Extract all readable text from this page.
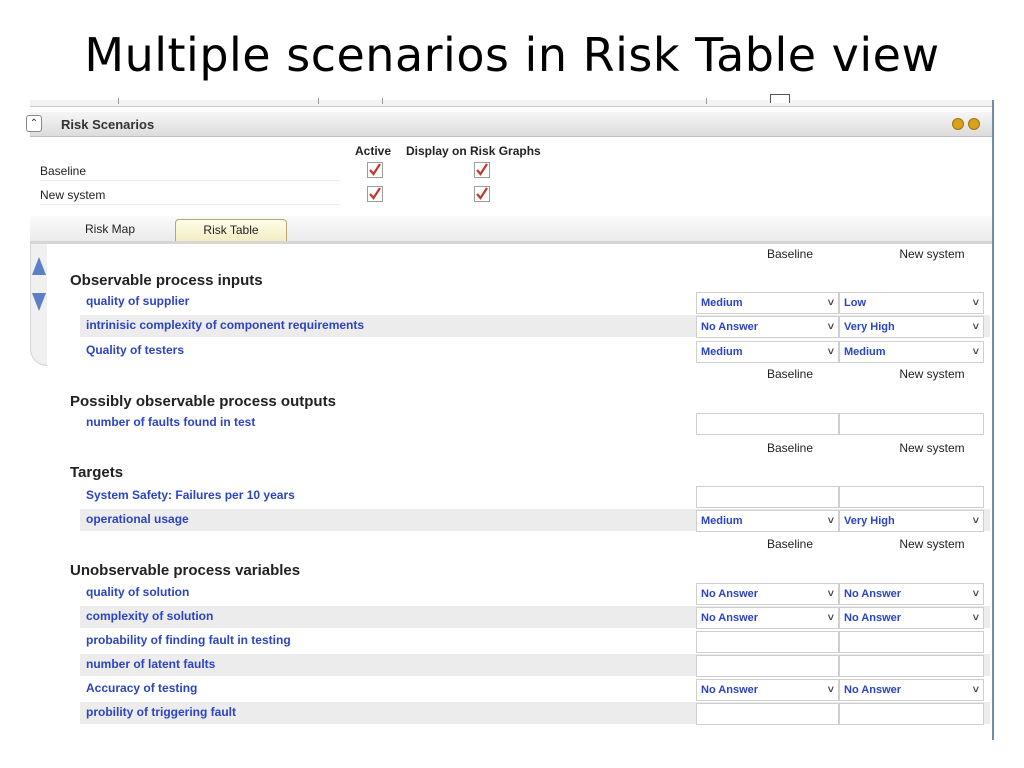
Multiple scenarios in Risk Table view
⌃ Risk Scenarios
Active Display on Risk Graphs
Baseline
New system
Risk Map	Risk Table
Baseline	New system
Observable process inputs
quality of supplier	Medium	˅ Low	˅
intrinisic complexity of component requirements	No Answer	˅ Very High	˅
Quality of testers	Medium	˅ Medium	˅
Baseline	New system
Possibly observable process outputs
number of faults found in test
Baseline	New system
Targets
System Safety: Failures per 10 years
operational usage	Medium	˅ Very High	˅
Baseline	New system
Unobservable process variables
quality of solution	No Answer	˅ No Answer	˅
complexity of solution	No Answer	˅ No Answer	˅
probability of finding fault in testing
number of latent faults
Accuracy of testing	No Answer	˅ No Answer	˅
probility of triggering fault
